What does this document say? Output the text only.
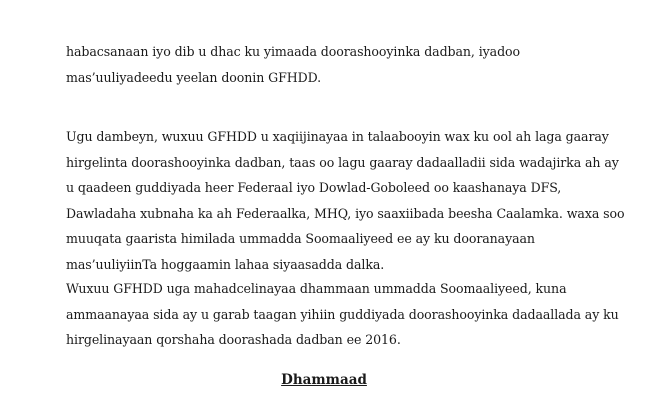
habacsanaan iyo dib u dhac ku yimaada doorashooyinka dadban, iyadoo
mas’uuliyadeedu yeelan doonin GFHDD.
Ugu dambeyn, wuxuu GFHDD u xaqiijinayaa in talaabooyin wax ku ool ah laga gaaray
hirgelinta doorashooyinka dadban, taas oo lagu gaaray dadaalladii sida wadajirka ah ay
u qaadeen guddiyada heer Federaal iyo Dowlad-Goboleed oo kaashanaya DFS,
Dawladaha xubnaha ka ah Federaalka, MHQ, iyo saaxiibada beesha Caalamka. waxa soo
muuqata gaarista himilada ummadda Soomaaliyeed ee ay ku dooranayaan
mas’uuliyiinTa hoggaamin lahaa siyaasadda dalka.
Wuxuu GFHDD uga mahadcelinayaa dhammaan ummadda Soomaaliyeed, kuna
ammaanayaa sida ay u garab taagan yihiin guddiyada doorashooyinka dadaallada ay ku
hirgelinayaan qorshaha doorashada dadban ee 2016.

Dhammaad
